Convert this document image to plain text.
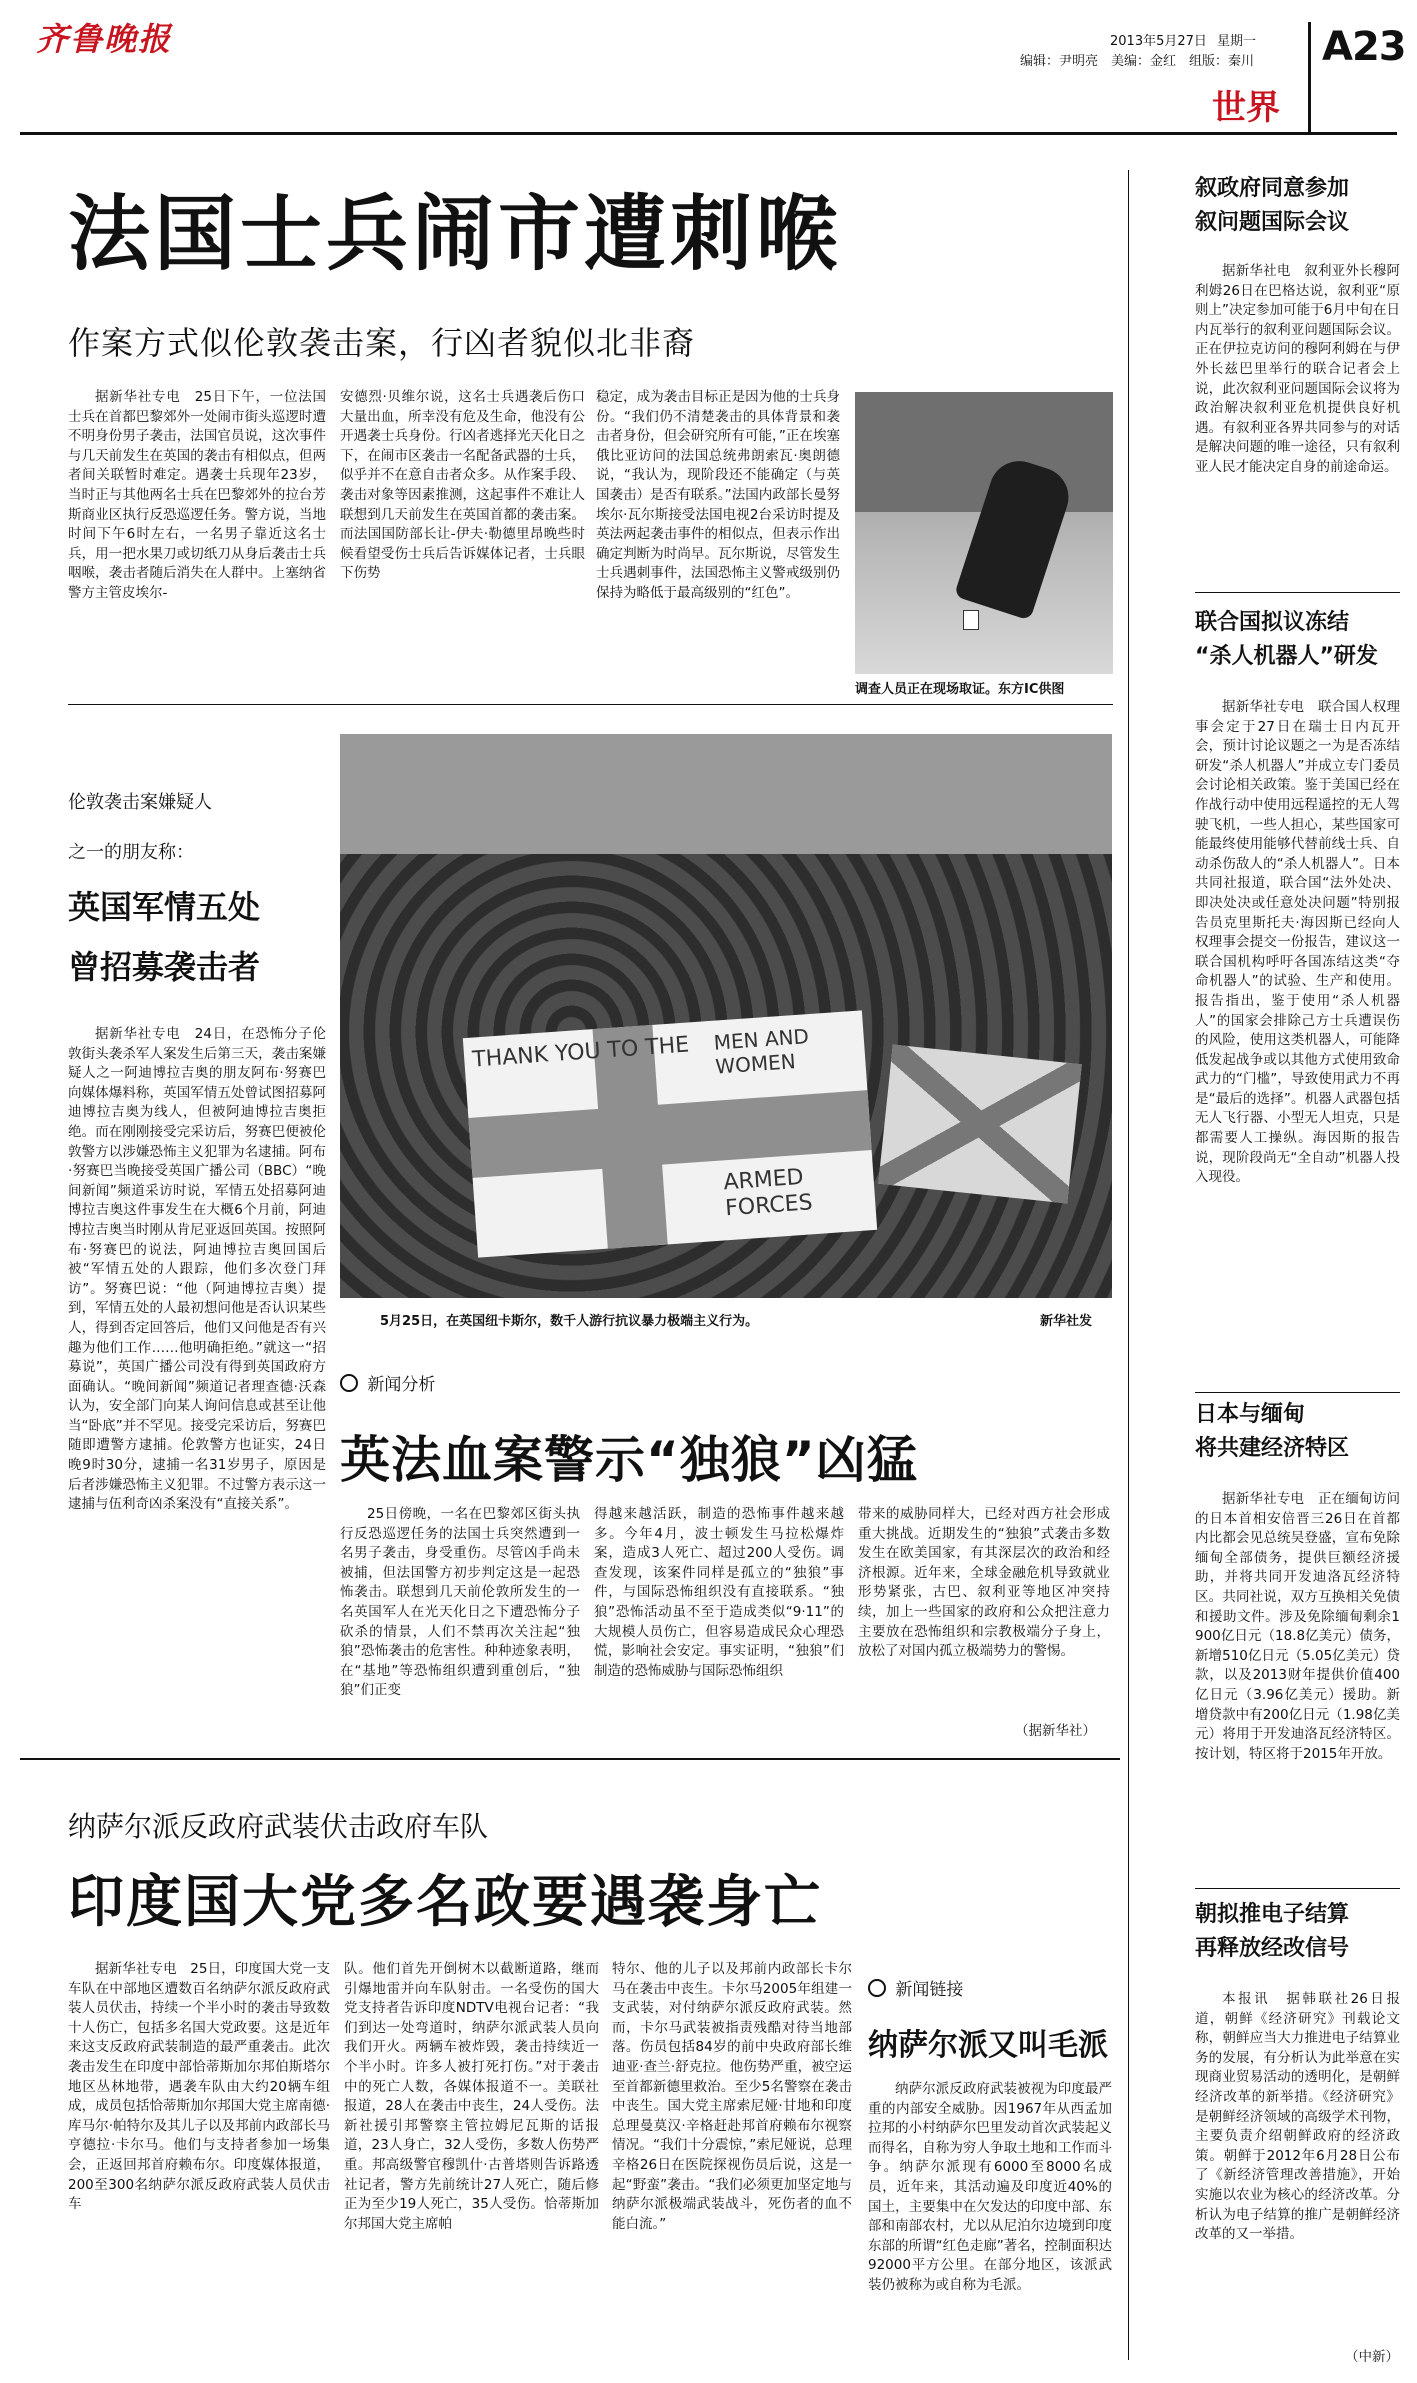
齐鲁晚报	2013年5月27日 星期一
编辑：尹明亮　美编：金红　组版：秦川 A23
世界
法国士兵闹市遭刺喉
作案方式似伦敦袭击案，行凶者貌似北非裔

据新华社专电　25日下午，一位法国士兵在首都巴黎郊外一处闹市街头巡逻时遭不明身份男子袭击，法国官员说，这次事件与几天前发生在英国的袭击有相似点，但两者间关联暂时难定。遇袭士兵现年23岁，当时正与其他两名士兵在巴黎郊外的拉台芳斯商业区执行反恐巡逻任务。警方说，当地时间下午6时左右，一名男子靠近这名士兵，用一把水果刀或切纸刀从身后袭击士兵咽喉，袭击者随后消失在人群中。上塞纳省警方主管皮埃尔-

安德烈·贝维尔说，这名士兵遇袭后伤口大量出血，所幸没有危及生命，他没有公开遇袭士兵身份。行凶者逃择光天化日之下，在闹市区袭击一名配备武器的士兵，似乎并不在意自击者众多。从作案手段、袭击对象等因素推测，这起事件不难让人联想到几天前发生在英国首都的袭击案。而法国国防部长让-伊夫·勒德里昂晚些时候看望受伤士兵后告诉媒体记者，士兵眼下伤势

稳定，成为袭击目标正是因为他的士兵身份。“我们仍不清楚袭击的具体背景和袭击者身份，但会研究所有可能，”正在埃塞俄比亚访问的法国总统弗朗索瓦·奥朗德说，“我认为，现阶段还不能确定（与英国袭击）是否有联系。”法国内政部长曼努埃尔·瓦尔斯接受法国电视2台采访时提及英法两起袭击事件的相似点，但表示作出确定判断为时尚早。瓦尔斯说，尽管发生士兵遇刺事件，法国恐怖主义警戒级别仍保持为略低于最高级别的“红色”。

调查人员正在现场取证。东方IC供图
伦敦袭击案嫌疑人
之一的朋友称：
英国军情五处
曾招募袭击者

据新华社专电　24日，在恐怖分子伦敦街头袭杀军人案发生后第三天，袭击案嫌疑人之一阿迪博拉吉奥的朋友阿布·努赛巴向媒体爆料称，英国军情五处曾试图招募阿迪博拉吉奥为线人，但被阿迪博拉吉奥拒绝。而在刚刚接受完采访后，努赛巴便被伦敦警方以涉嫌恐怖主义犯罪为名逮捕。阿布·努赛巴当晚接受英国广播公司（BBC）“晚间新闻”频道采访时说，军情五处招募阿迪博拉吉奥这件事发生在大概6个月前，阿迪博拉吉奥当时刚从肯尼亚返回英国。按照阿布·努赛巴的说法，阿迪博拉吉奥回国后被“军情五处的人跟踪，他们多次登门拜访”。努赛巴说：“他（阿迪博拉吉奥）提到，军情五处的人最初想问他是否认识某些人，得到否定回答后，他们又问他是否有兴趣为他们工作……他明确拒绝。”就这一“招募说”，英国广播公司没有得到英国政府方面确认。“晚间新闻”频道记者理查德·沃森认为，安全部门向某人询问信息或甚至让他当“卧底”并不罕见。接受完采访后，努赛巴随即遭警方逮捕。伦敦警方也证实，24日晚9时30分，逮捕一名31岁男子，原因是后者涉嫌恐怖主义犯罪。不过警方表示这一逮捕与伍利奇凶杀案没有“直接关系”。

THANK YOU TO THE MEN AND WOMEN
ARMED FORCES
5月25日，在英国纽卡斯尔，数千人游行抗议暴力极端主义行为。	新华社发
新闻分析
英法血案警示“独狼”凶猛

25日傍晚，一名在巴黎郊区街头执行反恐巡逻任务的法国士兵突然遭到一名男子袭击，身受重伤。尽管凶手尚未被捕，但法国警方初步判定这是一起恐怖袭击。联想到几天前伦敦所发生的一名英国军人在光天化日之下遭恐怖分子砍杀的情景，人们不禁再次关注起“独狼”恐怖袭击的危害性。种种迹象表明，在“基地”等恐怖组织遭到重创后，“独狼”们正变

得越来越活跃，制造的恐怖事件越来越多。今年4月，波士顿发生马拉松爆炸案，造成3人死亡、超过200人受伤。调查发现，该案件同样是孤立的“独狼”事件，与国际恐怖组织没有直接联系。“独狼”恐怖活动虽不至于造成类似“9·11”的大规模人员伤亡，但容易造成民众心理恐慌，影响社会安定。事实证明，“独狼”们制造的恐怖威胁与国际恐怖组织

带来的威胁同样大，已经对西方社会形成重大挑战。近期发生的“独狼”式袭击多数发生在欧美国家，有其深层次的政治和经济根源。近年来，全球金融危机导致就业形势紧张，古巴、叙利亚等地区冲突持续，加上一些国家的政府和公众把注意力主要放在恐怖组织和宗教极端分子身上，放松了对国内孤立极端势力的警惕。

（据新华社）
纳萨尔派反政府武装伏击政府车队
印度国大党多名政要遇袭身亡

据新华社专电　25日，印度国大党一支车队在中部地区遭数百名纳萨尔派反政府武装人员伏击，持续一个半小时的袭击导致数十人伤亡，包括多名国大党政要。这是近年来这支反政府武装制造的最严重袭击。此次袭击发生在印度中部恰蒂斯加尔邦伯斯塔尔地区丛林地带，遇袭车队由大约20辆车组成，成员包括恰蒂斯加尔邦国大党主席南德·库马尔·帕特尔及其儿子以及邦前内政部长马亨德拉·卡尔马。他们与支持者参加一场集会，正返回邦首府赖布尔。印度媒体报道，200至300名纳萨尔派反政府武装人员伏击车

队。他们首先开倒树木以截断道路，继而引爆地雷并向车队射击。一名受伤的国大党支持者告诉印度NDTV电视台记者：“我们到达一处弯道时，纳萨尔派武装人员向我们开火。两辆车被炸毁，袭击持续近一个半小时。许多人被打死打伤。”对于袭击中的死亡人数，各媒体报道不一。美联社报道，28人在袭击中丧生，24人受伤。法新社援引邦警察主管拉姆尼瓦斯的话报道，23人身亡，32人受伤，多数人伤势严重。邦高级警官穆凯什·古普塔则告诉路透社记者，警方先前统计27人死亡，随后修正为至少19人死亡，35人受伤。恰蒂斯加尔邦国大党主席帕

特尔、他的儿子以及邦前内政部长卡尔马在袭击中丧生。卡尔马2005年组建一支武装，对付纳萨尔派反政府武装。然而，卡尔马武装被指责残酷对待当地部落。伤员包括84岁的前中央政府部长维迪亚·查兰·舒克拉。他伤势严重，被空运至首都新德里救治。至少5名警察在袭击中丧生。国大党主席索尼娅·甘地和印度总理曼莫汉·辛格赶赴邦首府赖布尔视察情况。“我们十分震惊，”索尼娅说，总理辛格26日在医院探视伤员后说，这是一起“野蛮”袭击。“我们必须更加坚定地与纳萨尔派极端武装战斗，死伤者的血不能白流。”

新闻链接
纳萨尔派又叫毛派

纳萨尔派反政府武装被视为印度最严重的内部安全威胁。因1967年从西孟加拉邦的小村纳萨尔巴里发动首次武装起义而得名，自称为穷人争取土地和工作而斗争。纳萨尔派现有6000至8000名成员，近年来，其活动遍及印度近40%的国土，主要集中在欠发达的印度中部、东部和南部农村，尤以从尼泊尔边境到印度东部的所谓“红色走廊”著名，控制面积达92000平方公里。在部分地区，该派武装仍被称为或自称为毛派。

叙政府同意参加
叙问题国际会议

据新华社电　叙利亚外长穆阿利姆26日在巴格达说，叙利亚“原则上”决定参加可能于6月中旬在日内瓦举行的叙利亚问题国际会议。正在伊拉克访问的穆阿利姆在与伊外长兹巴里举行的联合记者会上说，此次叙利亚问题国际会议将为政治解决叙利亚危机提供良好机遇。有叙利亚各界共同参与的对话是解决问题的唯一途径，只有叙利亚人民才能决定自身的前途命运。

联合国拟议冻结
“杀人机器人”研发

据新华社专电　联合国人权理事会定于27日在瑞士日内瓦开会，预计讨论议题之一为是否冻结研发“杀人机器人”并成立专门委员会讨论相关政策。鉴于美国已经在作战行动中使用远程遥控的无人驾驶飞机，一些人担心，某些国家可能最终使用能够代替前线士兵、自动杀伤敌人的“杀人机器人”。日本共同社报道，联合国“法外处决、即决处决或任意处决问题”特别报告员克里斯托夫·海因斯已经向人权理事会提交一份报告，建议这一联合国机构呼吁各国冻结这类“夺命机器人”的试验、生产和使用。报告指出，鉴于使用“杀人机器人”的国家会排除己方士兵遭误伤的风险，使用这类机器人，可能降低发起战争或以其他方式使用致命武力的“门槛”，导致使用武力不再是“最后的选择”。机器人武器包括无人飞行器、小型无人坦克，只是都需要人工操纵。海因斯的报告说，现阶段尚无“全自动”机器人投入现役。

日本与缅甸
将共建经济特区

据新华社专电　正在缅甸访问的日本首相安倍晋三26日在首都内比都会见总统吴登盛，宣布免除缅甸全部债务，提供巨额经济援助，并将共同开发迪洛瓦经济特区。共同社说，双方互换相关免债和援助文件。涉及免除缅甸剩余1900亿日元（18.8亿美元）债务，新增510亿日元（5.05亿美元）贷款，以及2013财年提供价值400亿日元（3.96亿美元）援助。新增贷款中有200亿日元（1.98亿美元）将用于开发迪洛瓦经济特区。按计划，特区将于2015年开放。

朝拟推电子结算
再释放经改信号

本报讯　据韩联社26日报道，朝鲜《经济研究》刊载论文称，朝鲜应当大力推进电子结算业务的发展，有分析认为此举意在实现商业贸易活动的透明化，是朝鲜经济改革的新举措。《经济研究》是朝鲜经济领域的高级学术刊物，主要负责介绍朝鲜政府的经济政策。朝鲜于2012年6月28日公布了《新经济管理改善措施》，开始实施以农业为核心的经济改革。分析认为电子结算的推广是朝鲜经济改革的又一举措。

（中新）
